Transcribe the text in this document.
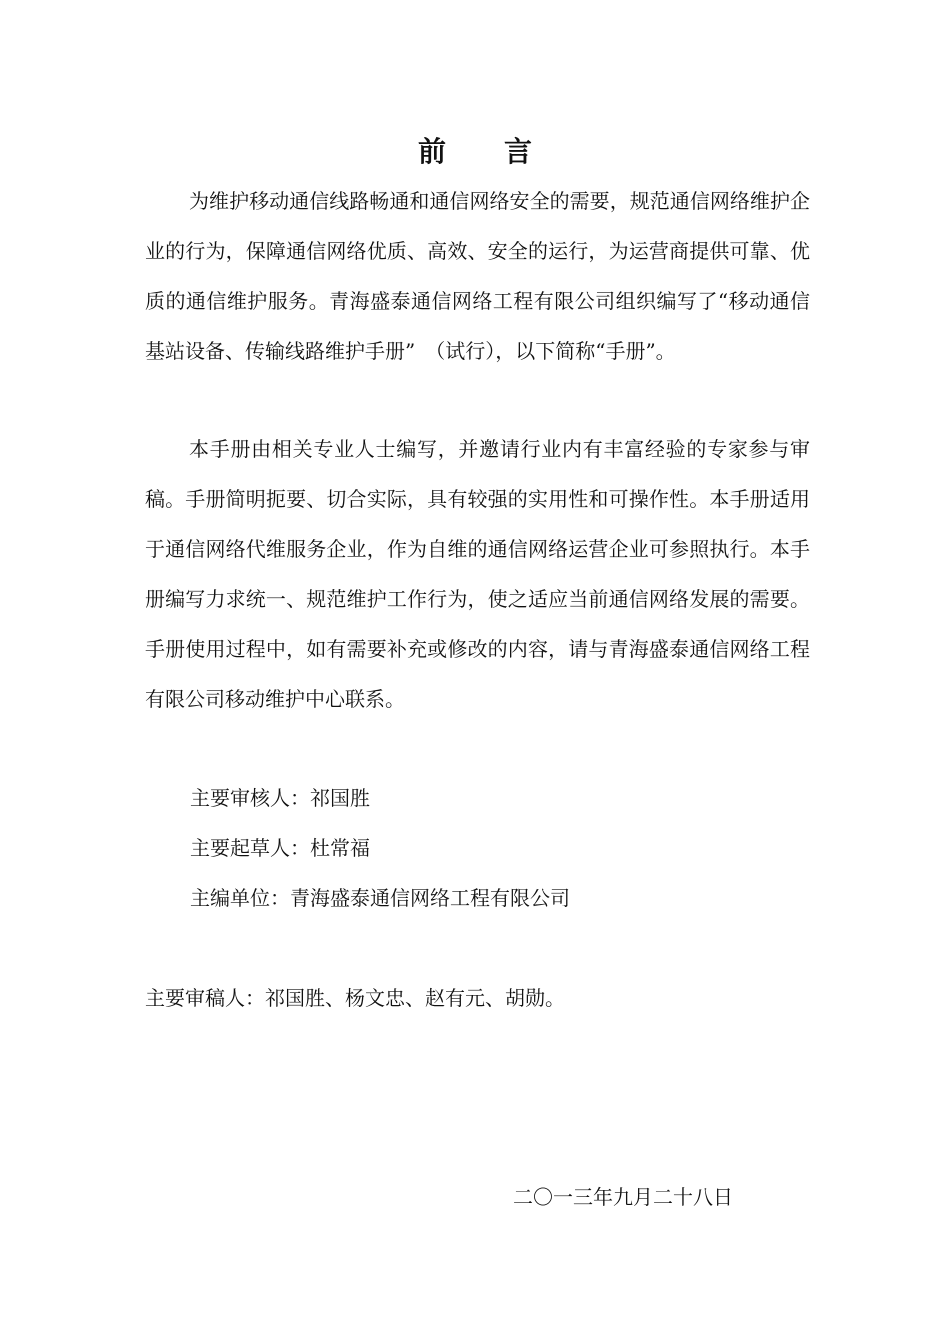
前言

为维护移动通信线路畅通和通信网络安全的需要，规范通信网络维护企业的行为，保障通信网络优质、高效、安全的运行，为运营商提供可靠、优质的通信维护服务。青海盛泰通信网络工程有限公司组织编写了“移动通信基站设备、传输线路维护手册”　（试行），以下简称“手册”。

本手册由相关专业人士编写，并邀请行业内有丰富经验的专家参与审稿。手册简明扼要、切合实际，具有较强的实用性和可操作性。本手册适用于通信网络代维服务企业，作为自维的通信网络运营企业可参照执行。本手册编写力求统一、规范维护工作行为，使之适应当前通信网络发展的需要。手册使用过程中，如有需要补充或修改的内容，请与青海盛泰通信网络工程有限公司移动维护中心联系。

主要审核人：祁国胜

主要起草人：杜常福

主编单位：青海盛泰通信网络工程有限公司

主要审稿人：祁国胜、杨文忠、赵有元、胡勋。

二〇一三年九月二十八日
